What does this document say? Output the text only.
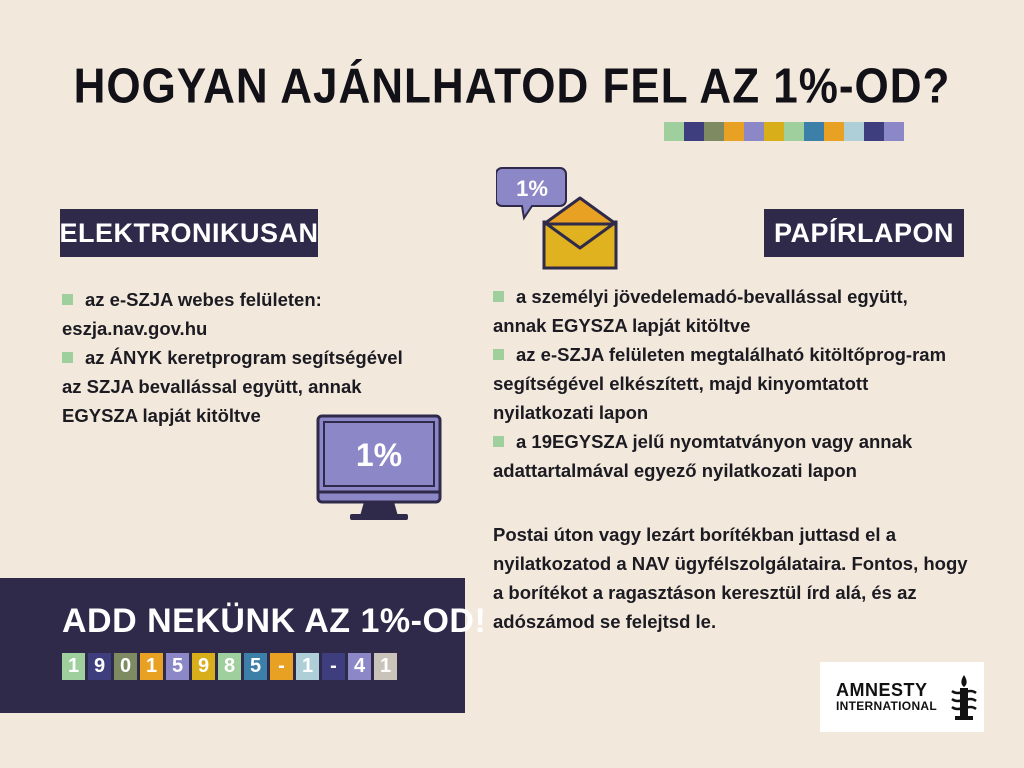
HOGYAN AJÁNLHATOD FEL AZ 1%-OD?
1%
ELEKTRONIKUSAN	PAPÍRLAPON
az e-SZJA webes felületen:
eszja.nav.gov.hu
az ÁNYK keretprogram segítségével
az SZJA bevallással együtt, annak EGYSZA lapját kitöltve
1%
a személyi jövedelemadó-bevallással együtt, annak EGYSZA lapját kitöltve
az e-SZJA felületen megtalálható kitöltőprog-ram segítségével elkészített, majd kinyomtatott nyilatkozati lapon
a 19EGYSZA jelű nyomtatványon vagy annak adattartalmával egyező nyilatkozati lapon
Postai úton vagy lezárt borítékban juttasd el a nyilatkozatod a NAV ügyfélszolgálataira. Fontos, hogy a borítékot a ragasztáson keresztül írd alá, és az adószámod se felejtsd le.
ADD NEKÜNK AZ 1%-OD!
1 9 0 1 5 9 8 5 - 1 - 4 1
AMNESTY
INTERNATIONAL
